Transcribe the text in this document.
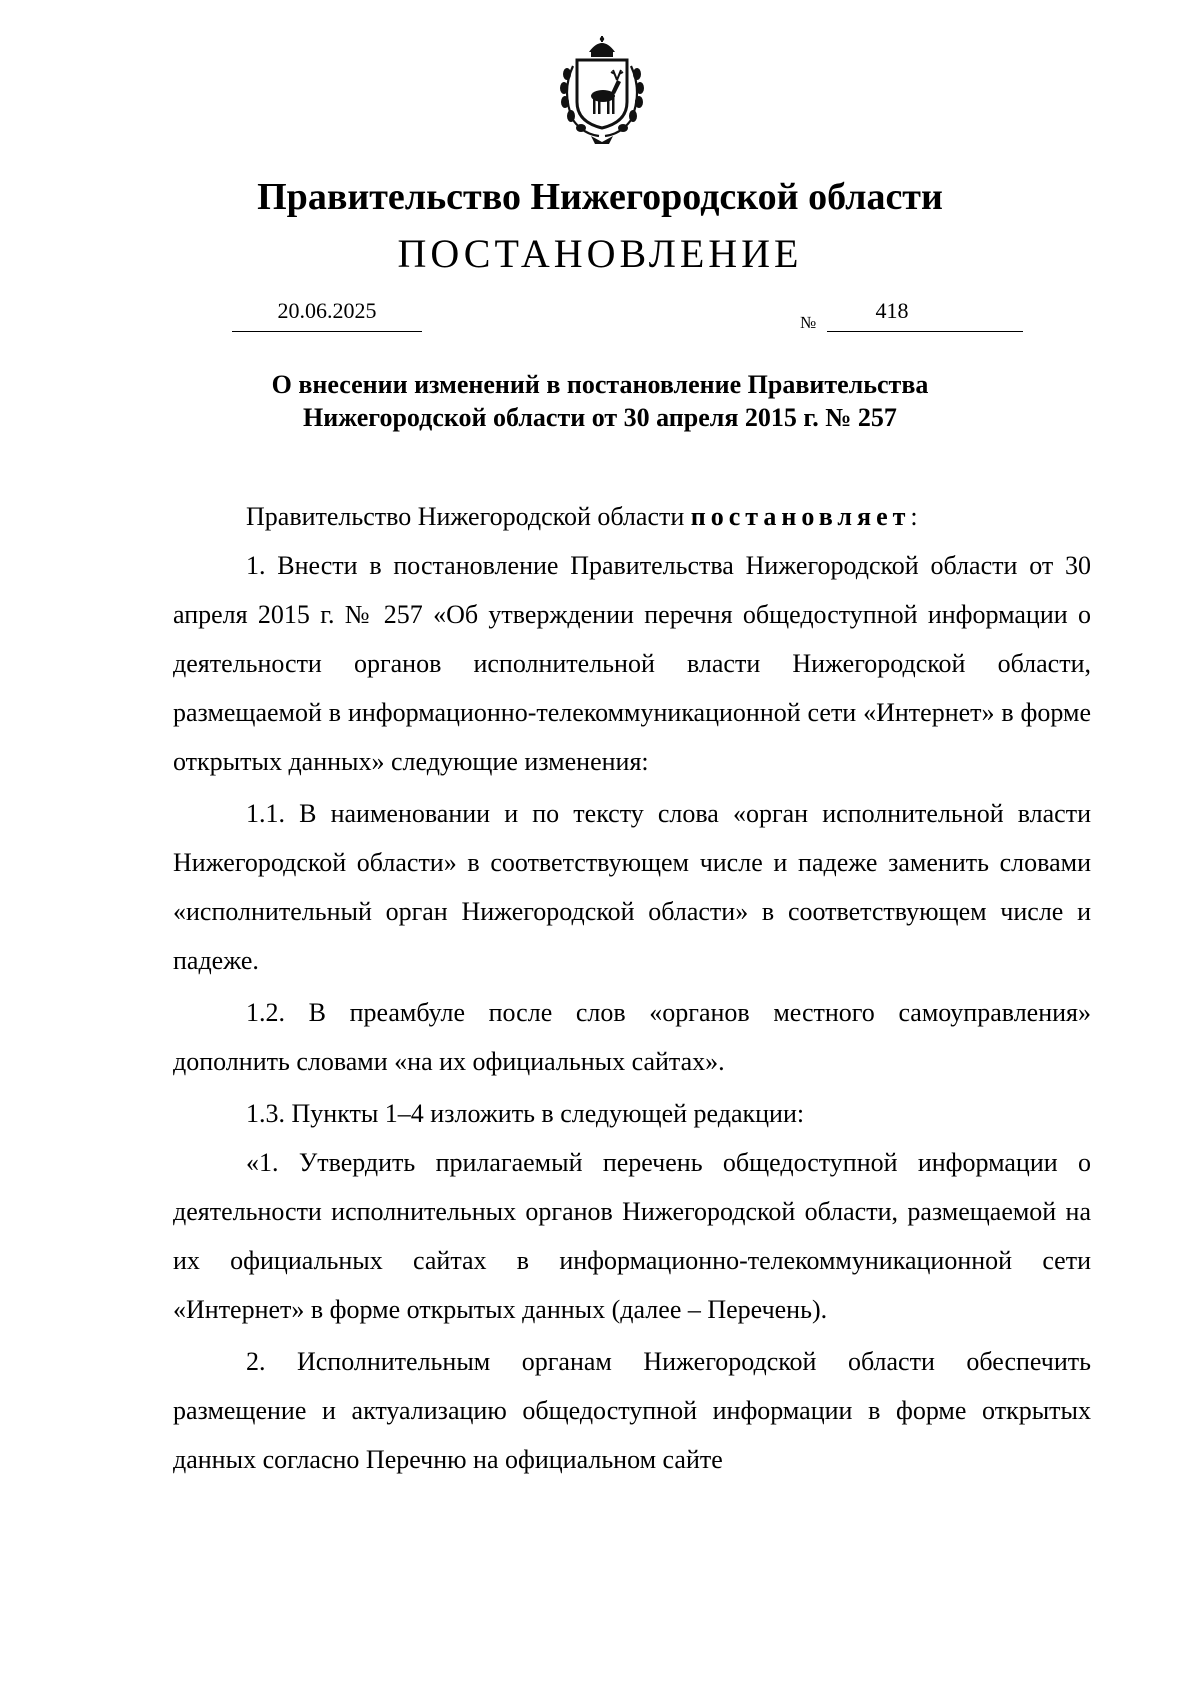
Правительство Нижегородской области
ПОСТАНОВЛЕНИЕ
20.06.2025	№	418
О внесении изменений в постановление Правительства
Нижегородской области от 30 апреля 2015 г. № 257

Правительство Нижегородской области постановляет:

1. Внести в постановление Правительства Нижегородской области от 30 апреля 2015 г. № 257 «Об утверждении перечня общедоступной информации о деятельности органов исполнительной власти Нижегородской области, размещаемой в информационно-телекоммуникационной сети «Интернет» в форме открытых данных» следующие изменения:

1.1. В наименовании и по тексту слова «орган исполнительной власти Нижегородской области» в соответствующем числе и падеже заменить словами «исполнительный орган Нижегородской области» в соответствующем числе и падеже.

1.2. В преамбуле после слов «органов местного самоуправления» дополнить словами «на их официальных сайтах».

1.3. Пункты 1–4 изложить в следующей редакции:

«1. Утвердить прилагаемый перечень общедоступной информации о деятельности исполнительных органов Нижегородской области, размещаемой на их официальных сайтах в информационно-телекоммуникационной сети «Интернет» в форме открытых данных (далее – Перечень).

2. Исполнительным органам Нижегородской области обеспечить размещение и актуализацию общедоступной информации в форме открытых данных согласно Перечню на официальном сайте
